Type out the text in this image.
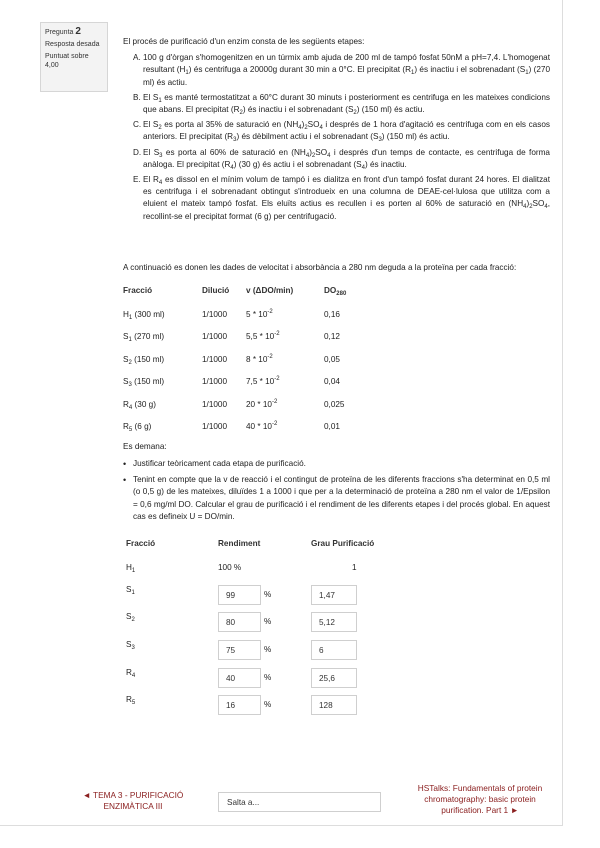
Pregunta 2
Resposta desada
Puntuat sobre 4,00
El procés de purificació d'un enzim consta de les següents etapes:
A. 100 g d'òrgan s'homogenitzen en un túrmix amb ajuda de 200 ml de tampó fosfat 50nM a pH=7,4. L'homogenat resultant $(H_1)$ és centrifuga a 20000g durant 30 min a 0°C. El precipitat $(R_1)$ és inactiu i el sobrenadant $(S_1)$ (270 ml) és actiu.
B. El $S_1$ es manté termostatitzat a 60°C durant 30 minuts i posteriorment es centrifuga en les mateixes condicions que abans. El precipitat $(R_2)$ és inactiu i el sobrenadant $(S_2)$ (150 ml) és actiu.
C. El $S_2$ es porta al 35% de saturació en $(NH_4)_2SO_4$ i després de 1 hora d'agitació es centrifuga com en els casos anteriors. El precipitat $(R_3)$ és dèbilment actiu i el sobrenadant $(S_3)$ (150 ml) és actiu.
D. El $S_3$ es porta al 60% de saturació en $(NH_4)_2SO_4$ i després d'un temps de contacte, es centrifuga de forma anàloga. El precipitat $(R_4)$ (30 g) és actiu i el sobrenadant $(S_4)$ és inactiu.
E. El $R_4$ es dissol en el mínim volum de tampó i es dialitza en front d'un tampó fosfat durant 24 hores. El dialitzat es centrifuga i el sobrenadant obtingut s'introdueix en una columna de DEAE-cel·lulosa que utilitza com a eluient el mateix tampó fosfat. Els eluïts actius es recullen i es porten al 60% de saturació en $(NH_4)_2SO_4$, recollint-se el precipitat format (6 g) per centrifugació.
A continuació es donen les dades de velocitat i absorbància a 280 nm deguda a la proteïna per cada fracció:
Fracció	Dilució	v (ΔDO/min)	$DO_{280}$

$H_1$ (300 ml)	1/1000	$5 * 10^{-2}$	0,16
$S_1$ (270 ml)	1/1000	$5,5 * 10^{-2}$	0,12
$S_2$ (150 ml)	1/1000	$8 * 10^{-2}$	0,05
$S_3$ (150 ml)	1/1000	$7,5 * 10^{-2}$	0,04
$R_4$ (30 g)	1/1000	$20 * 10^{-2}$	0,025
$R_5$ (6 g)	1/1000	$40 * 10^{-2}$	0,01
Es demana:
• Justificar teòricament cada etapa de purificació.
• Tenint en compte que la v de reacció i el contingut de proteïna de les diferents fraccions s'ha determinat en 0,5 ml (o 0,5 g) de les mateixes, diluïdes 1 a 1000 i que per a la determinació de proteïna a 280 nm el valor de 1/Epsilon = 0,6 mg/ml DO. Calcular el grau de purificació i el rendiment de les diferents etapes i del procés global. En aquest cas es defineix U = DO/min.
Fracció	Rendiment	Grau Purificació
$H_1$	100 %	1
$S_1$	99	%	1,47
$S_2$	80	%	5,12
$S_3$	75	%	6
$R_4$	40	%	25,6
$R_5$	16	%	128
◄ TEMA 3 - PURIFICACIÓ ENZIMÀTICA III	Salta a...
HSTalks: Fundamentals of protein chromatography: basic protein purification. Part 1 ►
